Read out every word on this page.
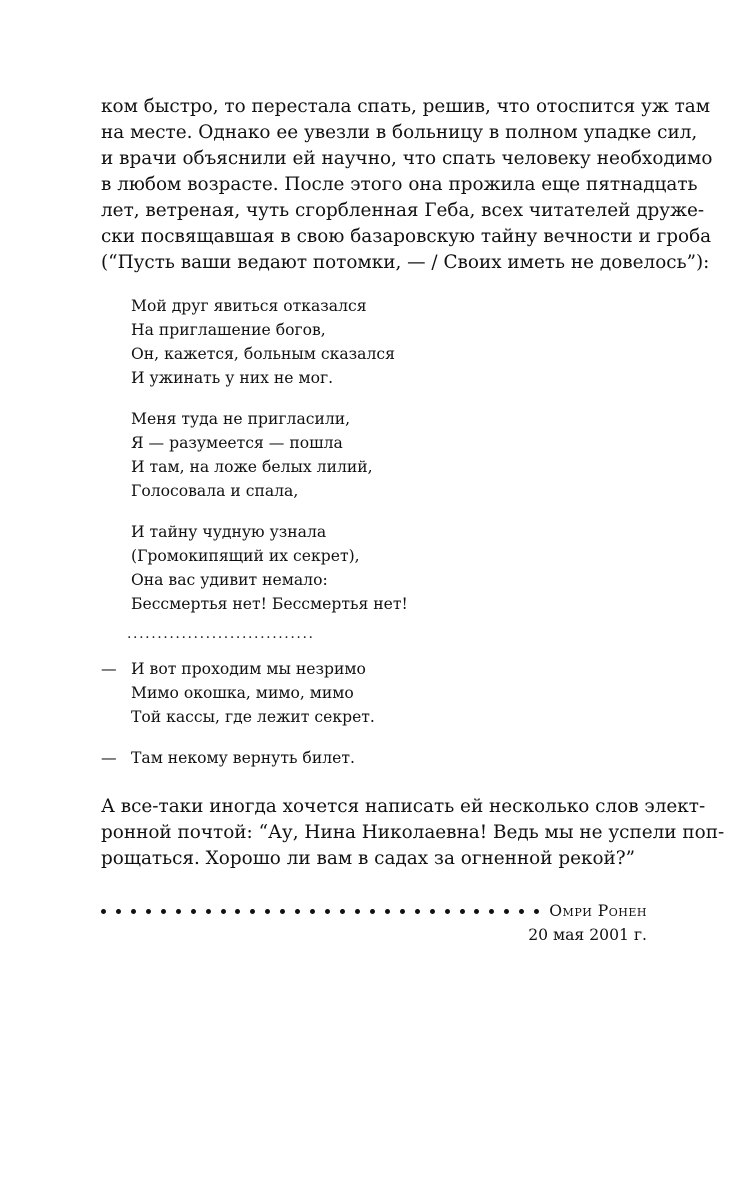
ком быстро, то перестала спать, решив, что отоспится уж там
на месте. Однако ее увезли в больницу в полном упадке сил,
и врачи объяснили ей научно, что спать человеку необходимо
в любом возрасте. После этого она прожила еще пятнадцать
лет, ветреная, чуть сгорбленная Геба, всех читателей друже-
ски посвящавшая в свою базаровскую тайну вечности и гроба
(“Пусть ваши ведают потомки, — / Своих иметь не довелось”):

Мой друг явиться отказался
На приглашение богов,
Он, кажется, больным сказался
И ужинать у них не мог.
Меня туда не пригласили,
Я — разумеется — пошла
И там, на ложе белых лилий,
Голосовала и спала,
И тайну чудную узнала
(Громокипящий их секрет),
Она вас удивит немало:
Бессмертья нет! Бессмертья нет!
...............................
— И вот проходим мы незримо
Мимо окошка, мимо, мимо
Той кассы, где лежит секрет.
— Там некому вернуть билет.

А все-таки иногда хочется написать ей несколько слов элект-
ронной почтой: “Ау, Нина Николаевна! Ведь мы не успели поп-
рощаться. Хорошо ли вам в садах за огненной рекой?”

Омри Ронен
20 мая 2001 г.
